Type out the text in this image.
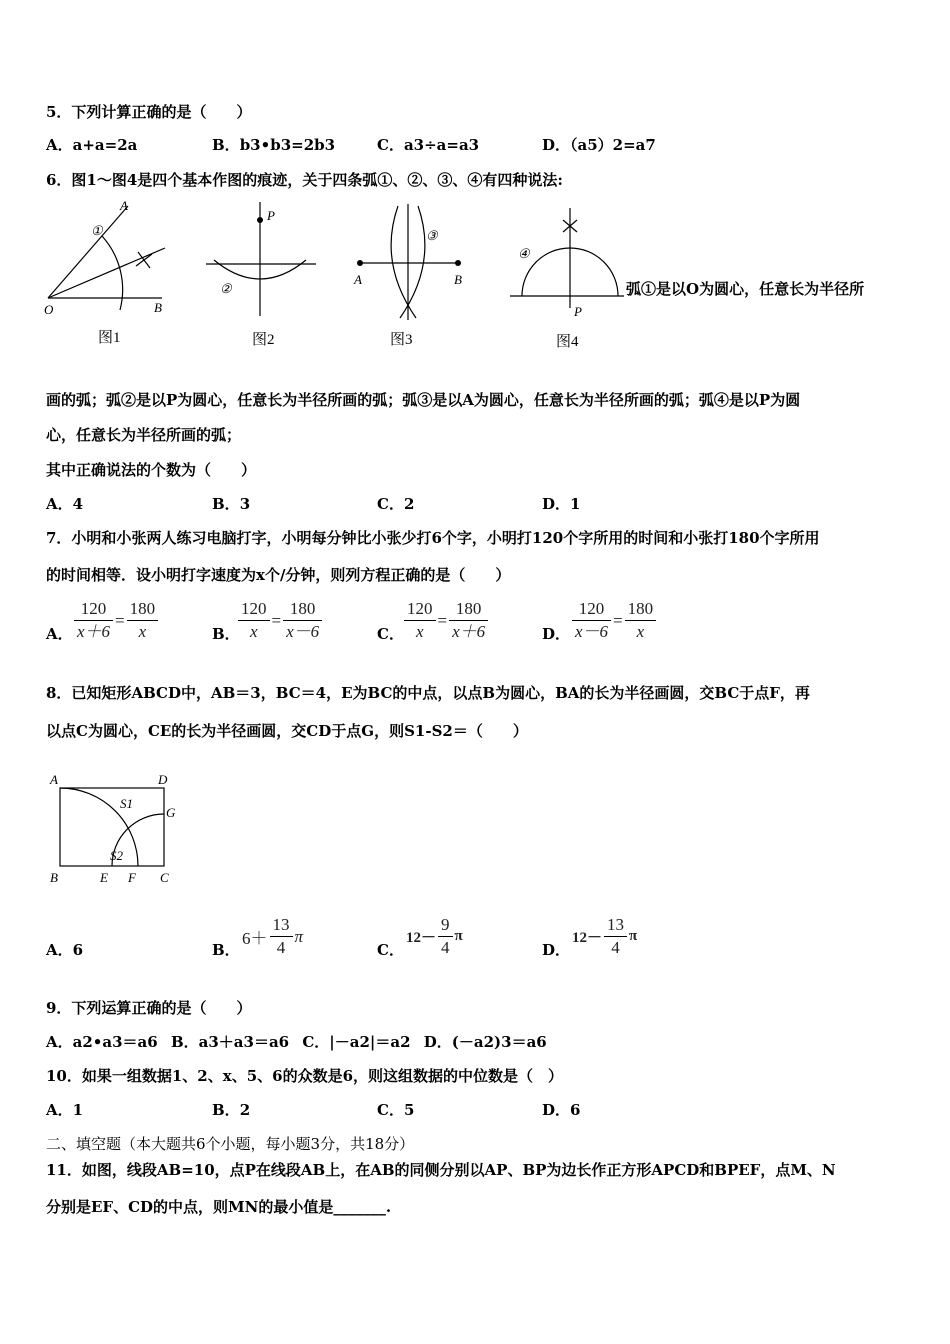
5．下列计算正确的是（　　）
A．a+a=2a	B．b3•b3=2b3	C．a3÷a=a3	D．（a5）2=a7
6．图1～图4是四个基本作图的痕迹，关于四条弧①、②、③、④有四种说法:
A
①
O	B
图1
P
②
图2
③
A	B
图3
④
P
图4
弧①是以O为圆心，任意长为半径所
画的弧；弧②是以P为圆心，任意长为半径所画的弧；弧③是以A为圆心，任意长为半径所画的弧；弧④是以P为圆
心，任意长为半径所画的弧；
其中正确说法的个数为（　　）
A．4	B．3	C．2	D．1
7．小明和小张两人练习电脑打字，小明每分钟比小张少打6个字，小明打120个字所用的时间和小张打180个字所用
的时间相等．设小明打字速度为x个/分钟，则列方程正确的是（　　）
A． $\frac{120}{x+6} = \frac{180}{x}$	B．
$\frac{120}{x} = \frac{180}{x-6}$	C． $\frac{120}{x} = \frac{180}{x+6}$	D． $\frac{120}{x-6} = \frac{180}{x}$
8．已知矩形ABCD中，AB＝3，BC＝4，E为BC的中点，以点B为圆心，BA的长为半径画圆，交BC于点F，再
以点C为圆心，CE的长为半径画圆，交CD于点G，则S1-S2＝（　　）
A	D
S1
G
S2
B	E F C
A．6	B．
$6+ \frac{13}{4}$ π
C．
$12- \frac{9}{4}$ π
D．
$12- \frac{13}{4}$ π
9．下列运算正确的是（　　）
A．a2•a3＝a6 B．a3＋a3＝a6 C．|－a2|＝a2 D．(－a2)3＝a6
10．如果一组数据1、2、x、5、6的众数是6，则这组数据的中位数是（　）
A．1	B．2	C．5	D．6
二、填空题（本大题共6个小题，每小题3分，共18分）
11．如图，线段AB=10，点P在线段AB上，在AB的同侧分别以AP、BP为边长作正方形APCD和BPEF，点M、N
分别是EF、CD的中点，则MN的最小值是_______.
